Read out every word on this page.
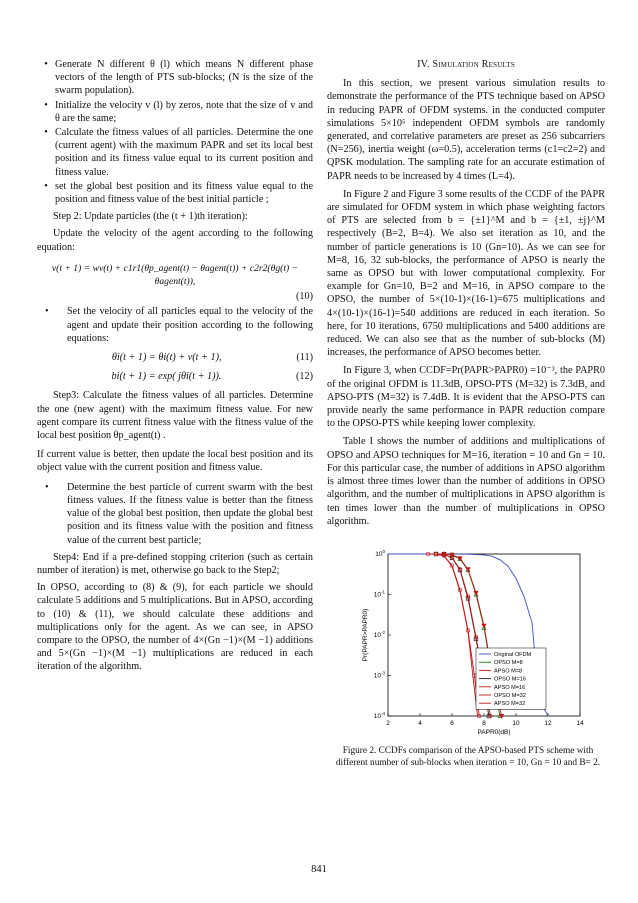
• Generate N different θ (l) which means N different phase vectors of the length of PTS sub-blocks; (N is the size of the swarm population).
• Initialize the velocity v (l) by zeros, note that the size of v and θ are the same;
• Calculate the fitness values of all particles. Determine the one (current agent) with the maximum PAPR and set its local best position and its fitness value equal to its current position and fitness value.
• set the global best position and its fitness value equal to the position and fitness value of the best initial particle ;

Step 2: Update particles (the (t + 1)th iteration):

Update the velocity of the agent according to the following equation:

v(t + 1) = wv(t) + c1r1(θp_agent(t) − θagent(t)) + c2r2(θg(t) − θagent(t)),
(10)
•	Set the velocity of all particles equal to the velocity of the agent and update their position according to the following equations:
θi(t + 1) = θi(t) + v(t + 1),	(11)
bi(t + 1) = exp( jθi(t + 1)).	(12)

Step3: Calculate the fitness values of all particles. Determine the one (new agent) with the maximum fitness value. For new agent compare its current fitness value with the fitness value of the local best position θp_agent(t) .

If current value is better, then update the local best position and its object value with the current position and fitness value.

•	Determine the best particle of current swarm with the best fitness values. If the fitness value is better than the fitness value of the global best position, then update the global best position and its fitness value with the position and fitness value of the current best particle;

Step4: End if a pre-defined stopping criterion (such as certain number of iteration) is met, otherwise go back to the Step2;

In OPSO, according to (8) & (9), for each particle we should calculate 5 additions and 5 multiplications. But in APSO, according to (10) & (11), we should calculate these additions and multiplications only for the agent. As we can see, in APSO compare to the OPSO, the number of 4×(Gn −1)×(M −1) additions and 5×(Gn −1)×(M −1) multiplications are reduced in each iteration of the algorithm.

IV. Simulation Results

In this section, we present various simulation results to demonstrate the performance of the PTS technique based on APSO in reducing PAPR of OFDM systems. in the conducted computer simulations 5×10⁵ independent OFDM symbols are randomly generated, and correlative parameters are preset as 256 subcarriers (N=256), inertia weight (ω=0.5), acceleration terms (c1=c2=2) and QPSK modulation. The sampling rate for an accurate estimation of PAPR needs to be increased by 4 times (L=4).

In Figure 2 and Figure 3 some results of the CCDF of the PAPR are simulated for OFDM system in which phase weighting factors of PTS are selected from b = {±1}^M and b = {±1, ±j}^M respectively (B=2, B=4). We also set iteration as 10, and the number of particle generations is 10 (Gn=10). As we can see for M=8, 16, 32 sub-blocks, the performance of APSO is nearly the same as OPSO but with lower computational complexity. For example for Gn=10, B=2 and M=16, in APSO compare to the OPSO, the number of 5×(10-1)×(16-1)=675 multiplications and 4×(10-1)×(16-1)=540 additions are reduced in each iteration. So here, for 10 iterations, 6750 multiplications and 5400 additions are reduced. We can also see that as the number of sub-blocks (M) increases, the performance of APSO becomes better.

In Figure 3, when CCDF=Pr(PAPR>PAPR0) =10⁻³, the PAPR0 of the original OFDM is 11.3dB, OPSO-PTS (M=32) is 7.3dB, and APSO-PTS (M=32) is 7.4dB. It is evident that the APSO-PTS can provide nearly the same performance in PAPR reduction compare to the OPSO-PTS while keeping lower complexity.

Table I shows the number of additions and multiplications of OPSO and APSO techniques for M=16, iteration = 10 and Gn = 10. For this particular case, the number of additions in APSO algorithm is almost three times lower than the number of additions in OPSO algorithm, and the number of multiplications in APSO algorithm is ten times lower than the number of multiplications in OPSO algorithm.

2	4	6	8	10	12	14
$10^0$
$10^{-1}$
$10^{-2}$
$10^{-3}$
$10^{-4}$
PAPR0(dB)
Pr(PAPR>PAPR0)	Original OFDM
OPSO M=8
APSO M=8
OPSO M=16
APSO M=16
OPSO M=32
APSO M=32
Figure 2. CCDFs comparison of the APSO-based PTS scheme with different number of sub-blocks when iteration = 10, Gn = 10 and B= 2.
841
